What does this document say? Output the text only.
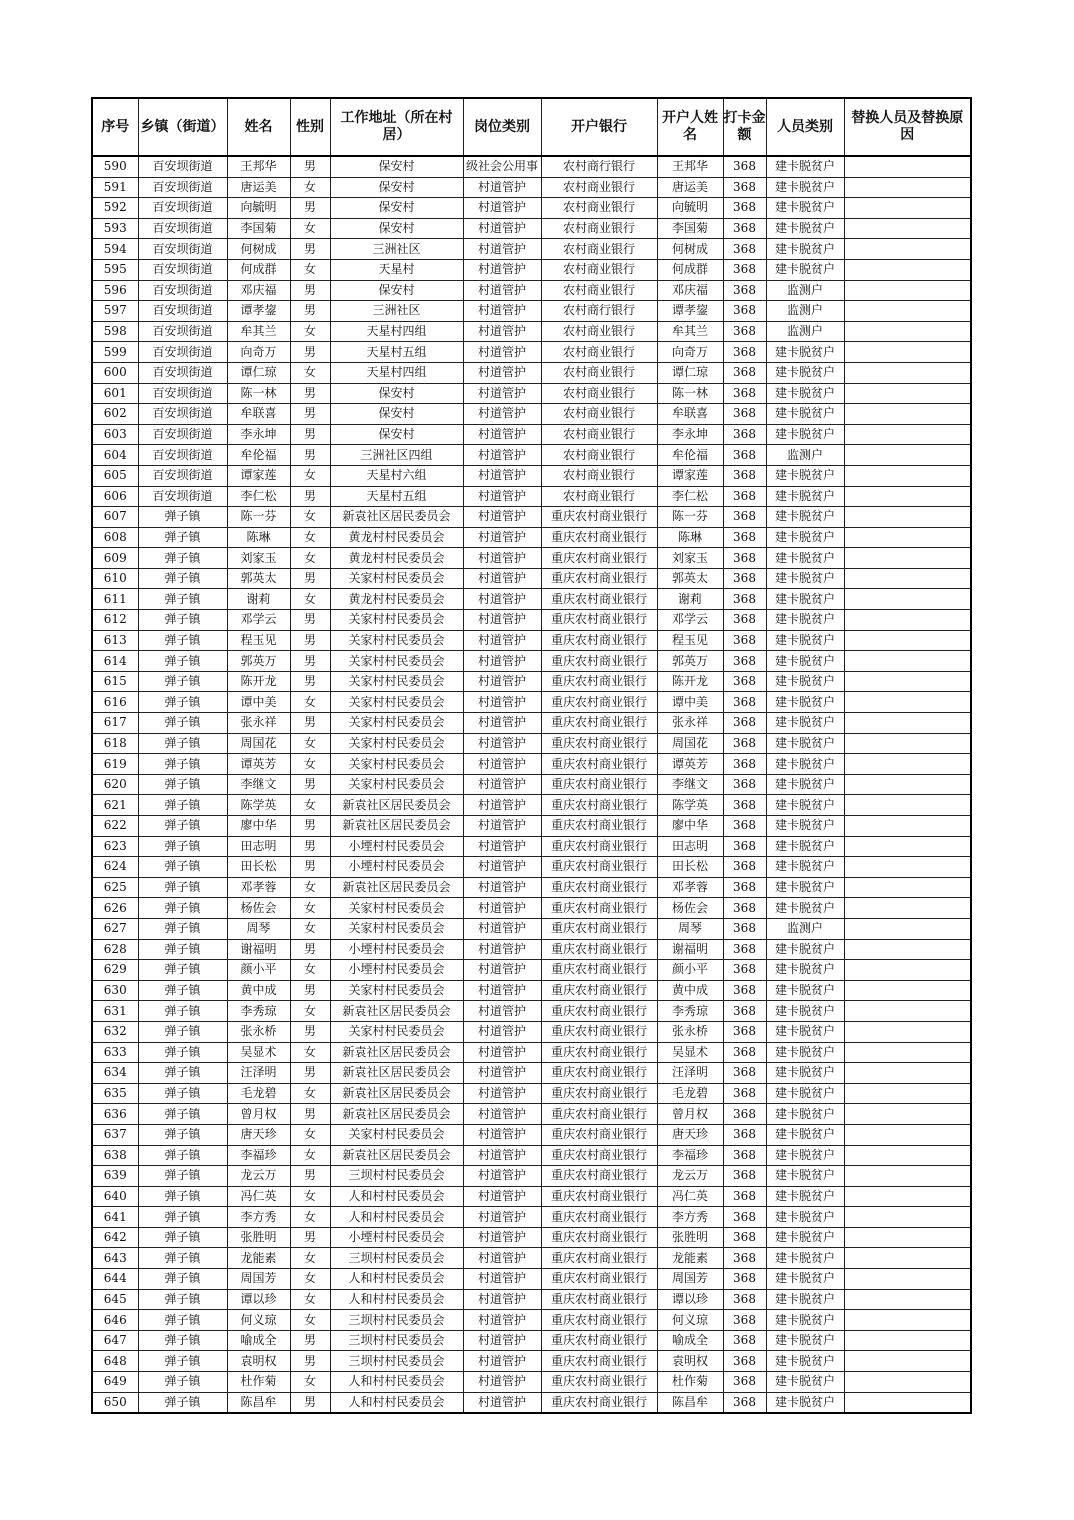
序号	乡镇（街道）	姓名	性别	工作地址（所在村居）	岗位类别	开户银行	开户人姓名	打卡金额	人员类别	替换人员及替换原因
590	百安坝街道	王邦华	男	保安村	级社会公用事	农村商行银行	王邦华	368	建卡脱贫户	
591	百安坝街道	唐运美	女	保安村	村道管护	农村商业银行	唐运美	368	建卡脱贫户	
592	百安坝街道	向毓明	男	保安村	村道管护	农村商业银行	向毓明	368	建卡脱贫户	
593	百安坝街道	李国菊	女	保安村	村道管护	农村商业银行	李国菊	368	建卡脱贫户	
594	百安坝街道	何树成	男	三洲社区	村道管护	农村商业银行	何树成	368	建卡脱贫户	
595	百安坝街道	何成群	女	天星村	村道管护	农村商业银行	何成群	368	建卡脱贫户	
596	百安坝街道	邓庆福	男	保安村	村道管护	农村商业银行	邓庆福	368	监测户	
597	百安坝街道	谭孝鋆	男	三洲社区	村道管护	农村商行银行	谭孝鋆	368	监测户	
598	百安坝街道	牟其兰	女	天星村四组	村道管护	农村商业银行	牟其兰	368	监测户	
599	百安坝街道	向奇万	男	天星村五组	村道管护	农村商业银行	向奇万	368	建卡脱贫户	
600	百安坝街道	谭仁琼	女	天星村四组	村道管护	农村商业银行	谭仁琼	368	建卡脱贫户	
601	百安坝街道	陈一林	男	保安村	村道管护	农村商业银行	陈一林	368	建卡脱贫户	
602	百安坝街道	牟联喜	男	保安村	村道管护	农村商业银行	牟联喜	368	建卡脱贫户	
603	百安坝街道	李永坤	男	保安村	村道管护	农村商业银行	李永坤	368	建卡脱贫户	
604	百安坝街道	牟伦福	男	三洲社区四组	村道管护	农村商业银行	牟伦福	368	监测户	
605	百安坝街道	谭家莲	女	天星村六组	村道管护	农村商业银行	谭家莲	368	建卡脱贫户	
606	百安坝街道	李仁松	男	天星村五组	村道管护	农村商业银行	李仁松	368	建卡脱贫户	
607	弹子镇	陈一芬	女	新袁社区居民委员会	村道管护	重庆农村商业银行	陈一芬	368	建卡脱贫户	
608	弹子镇	陈琳	女	黄龙村村民委员会	村道管护	重庆农村商业银行	陈琳	368	建卡脱贫户	
609	弹子镇	刘家玉	女	黄龙村村民委员会	村道管护	重庆农村商业银行	刘家玉	368	建卡脱贫户	
610	弹子镇	郭英太	男	关家村村民委员会	村道管护	重庆农村商业银行	郭英太	368	建卡脱贫户	
611	弹子镇	谢莉	女	黄龙村村民委员会	村道管护	重庆农村商业银行	谢莉	368	建卡脱贫户	
612	弹子镇	邓学云	男	关家村村民委员会	村道管护	重庆农村商业银行	邓学云	368	建卡脱贫户	
613	弹子镇	程玉见	男	关家村村民委员会	村道管护	重庆农村商业银行	程玉见	368	建卡脱贫户	
614	弹子镇	郭英万	男	关家村村民委员会	村道管护	重庆农村商业银行	郭英万	368	建卡脱贫户	
615	弹子镇	陈开龙	男	关家村村民委员会	村道管护	重庆农村商业银行	陈开龙	368	建卡脱贫户	
616	弹子镇	谭中美	女	关家村村民委员会	村道管护	重庆农村商业银行	谭中美	368	建卡脱贫户	
617	弹子镇	张永祥	男	关家村村民委员会	村道管护	重庆农村商业银行	张永祥	368	建卡脱贫户	
618	弹子镇	周国花	女	关家村村民委员会	村道管护	重庆农村商业银行	周国花	368	建卡脱贫户	
619	弹子镇	谭英芳	女	关家村村民委员会	村道管护	重庆农村商业银行	谭英芳	368	建卡脱贫户	
620	弹子镇	李继文	男	关家村村民委员会	村道管护	重庆农村商业银行	李继文	368	建卡脱贫户	
621	弹子镇	陈学英	女	新袁社区居民委员会	村道管护	重庆农村商业银行	陈学英	368	建卡脱贫户	
622	弹子镇	廖中华	男	新袁社区居民委员会	村道管护	重庆农村商业银行	廖中华	368	建卡脱贫户	
623	弹子镇	田志明	男	小堙村村民委员会	村道管护	重庆农村商业银行	田志明	368	建卡脱贫户	
624	弹子镇	田长松	男	小堙村村民委员会	村道管护	重庆农村商业银行	田长松	368	建卡脱贫户	
625	弹子镇	邓孝蓉	女	新袁社区居民委员会	村道管护	重庆农村商业银行	邓孝蓉	368	建卡脱贫户	
626	弹子镇	杨佐会	女	关家村村民委员会	村道管护	重庆农村商业银行	杨佐会	368	建卡脱贫户	
627	弹子镇	周琴	女	关家村村民委员会	村道管护	重庆农村商业银行	周琴	368	监测户	
628	弹子镇	谢福明	男	小堙村村民委员会	村道管护	重庆农村商业银行	谢福明	368	建卡脱贫户	
629	弹子镇	颜小平	女	小堙村村民委员会	村道管护	重庆农村商业银行	颜小平	368	建卡脱贫户	
630	弹子镇	黄中成	男	关家村村民委员会	村道管护	重庆农村商业银行	黄中成	368	建卡脱贫户	
631	弹子镇	李秀琼	女	新袁社区居民委员会	村道管护	重庆农村商业银行	李秀琼	368	建卡脱贫户	
632	弹子镇	张永桥	男	关家村村民委员会	村道管护	重庆农村商业银行	张永桥	368	建卡脱贫户	
633	弹子镇	吴显术	女	新袁社区居民委员会	村道管护	重庆农村商业银行	吴显术	368	建卡脱贫户	
634	弹子镇	汪泽明	男	新袁社区居民委员会	村道管护	重庆农村商业银行	汪泽明	368	建卡脱贫户	
635	弹子镇	毛龙碧	女	新袁社区居民委员会	村道管护	重庆农村商业银行	毛龙碧	368	建卡脱贫户	
636	弹子镇	曾月权	男	新袁社区居民委员会	村道管护	重庆农村商业银行	曾月权	368	建卡脱贫户	
637	弹子镇	唐天珍	女	关家村村民委员会	村道管护	重庆农村商业银行	唐天珍	368	建卡脱贫户	
638	弹子镇	李福珍	女	新袁社区居民委员会	村道管护	重庆农村商业银行	李福珍	368	建卡脱贫户	
639	弹子镇	龙云万	男	三坝村村民委员会	村道管护	重庆农村商业银行	龙云万	368	建卡脱贫户	
640	弹子镇	冯仁英	女	人和村村民委员会	村道管护	重庆农村商业银行	冯仁英	368	建卡脱贫户	
641	弹子镇	李方秀	女	人和村村民委员会	村道管护	重庆农村商业银行	李方秀	368	建卡脱贫户	
642	弹子镇	张胜明	男	小堙村村民委员会	村道管护	重庆农村商业银行	张胜明	368	建卡脱贫户	
643	弹子镇	龙能素	女	三坝村村民委员会	村道管护	重庆农村商业银行	龙能素	368	建卡脱贫户	
644	弹子镇	周国芳	女	人和村村民委员会	村道管护	重庆农村商业银行	周国芳	368	建卡脱贫户	
645	弹子镇	谭以珍	女	人和村村民委员会	村道管护	重庆农村商业银行	谭以珍	368	建卡脱贫户	
646	弹子镇	何义琼	女	三坝村村民委员会	村道管护	重庆农村商业银行	何义琼	368	建卡脱贫户	
647	弹子镇	喻成全	男	三坝村村民委员会	村道管护	重庆农村商业银行	喻成全	368	建卡脱贫户	
648	弹子镇	袁明权	男	三坝村村民委员会	村道管护	重庆农村商业银行	袁明权	368	建卡脱贫户	
649	弹子镇	杜作菊	女	人和村村民委员会	村道管护	重庆农村商业银行	杜作菊	368	建卡脱贫户	
650	弹子镇	陈昌牟	男	人和村村民委员会	村道管护	重庆农村商业银行	陈昌牟	368	建卡脱贫户	
